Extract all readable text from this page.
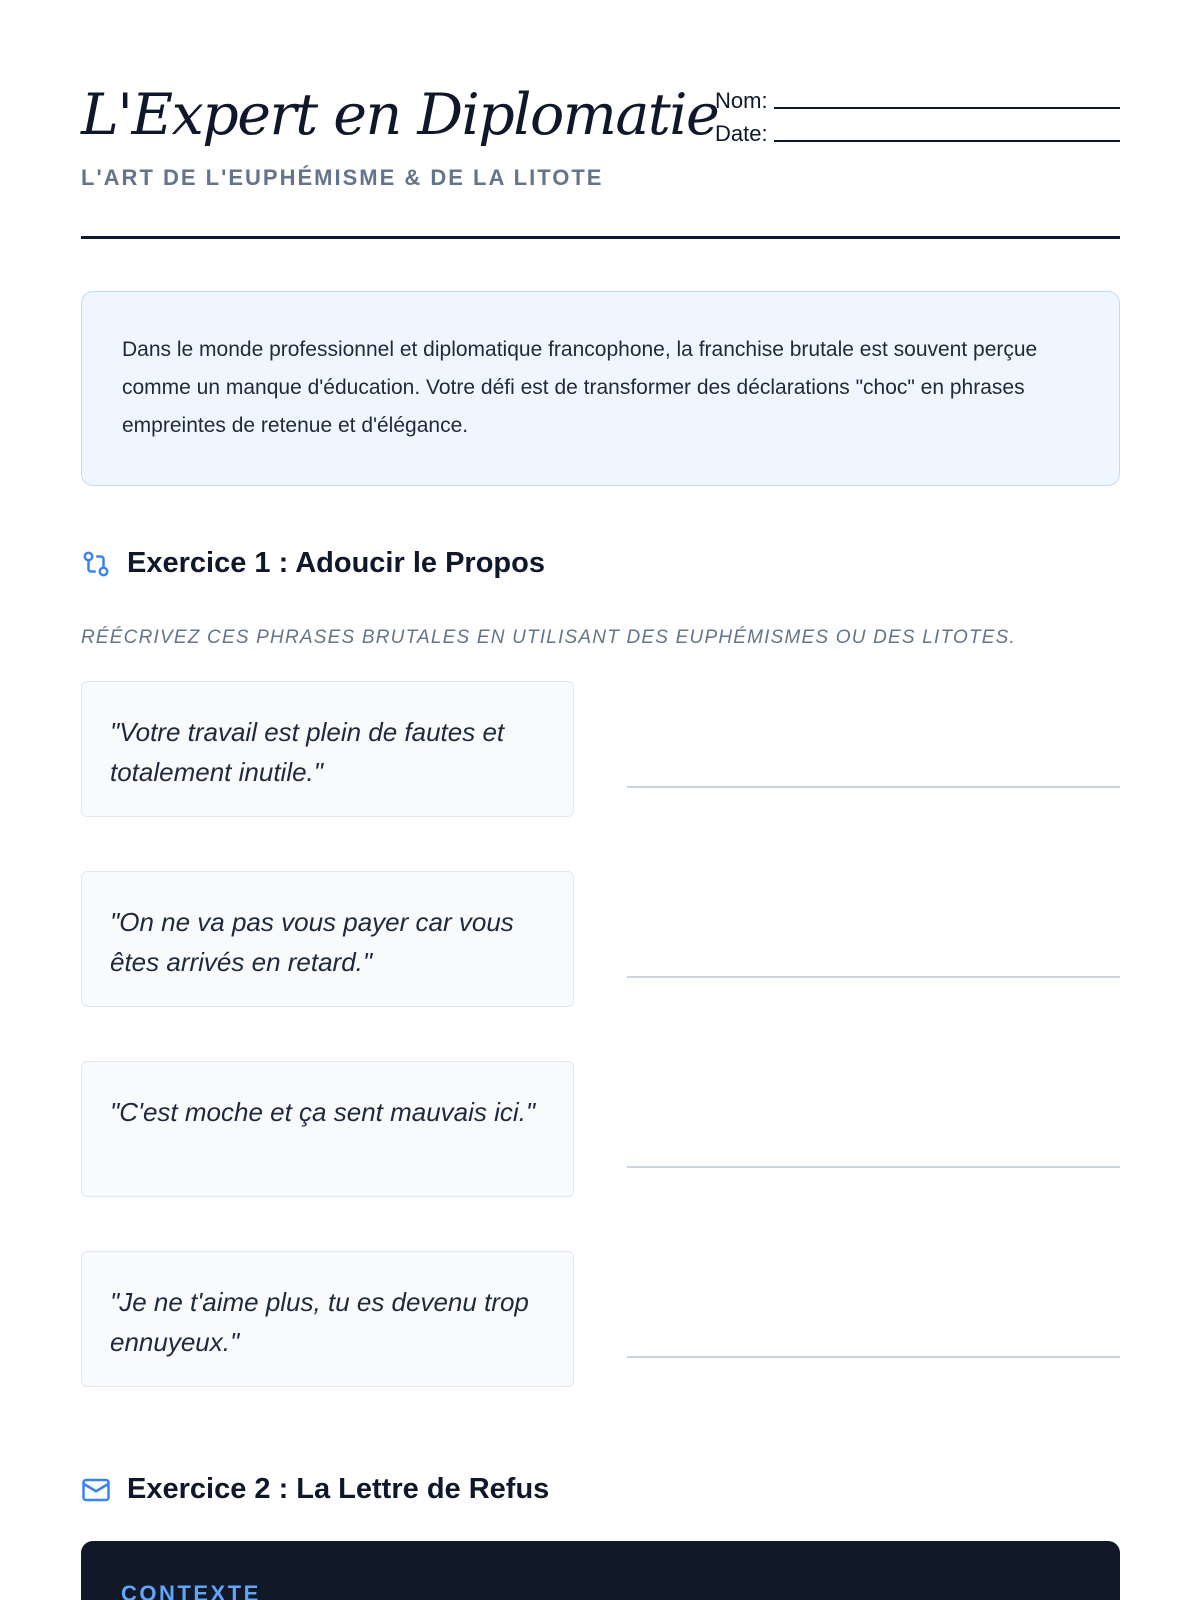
L'Expert en Diplomatie
L'ART DE L'EUPHÉMISME & DE LA LITOTE
Nom:
Date:
Dans le monde professionnel et diplomatique francophone, la franchise brutale est souvent perçue comme un manque d'éducation. Votre défi est de transformer des déclarations "choc" en phrases empreintes de retenue et d'élégance.
Exercice 1 : Adoucir le Propos
RÉÉCRIVEZ CES PHRASES BRUTALES EN UTILISANT DES EUPHÉMISMES OU DES LITOTES.
"Votre travail est plein de fautes et totalement inutile."
"On ne va pas vous payer car vous êtes arrivés en retard."
"C'est moche et ça sent mauvais ici."
"Je ne t'aime plus, tu es devenu trop ennuyeux."
Exercice 2 : La Lettre de Refus
CONTEXTE
